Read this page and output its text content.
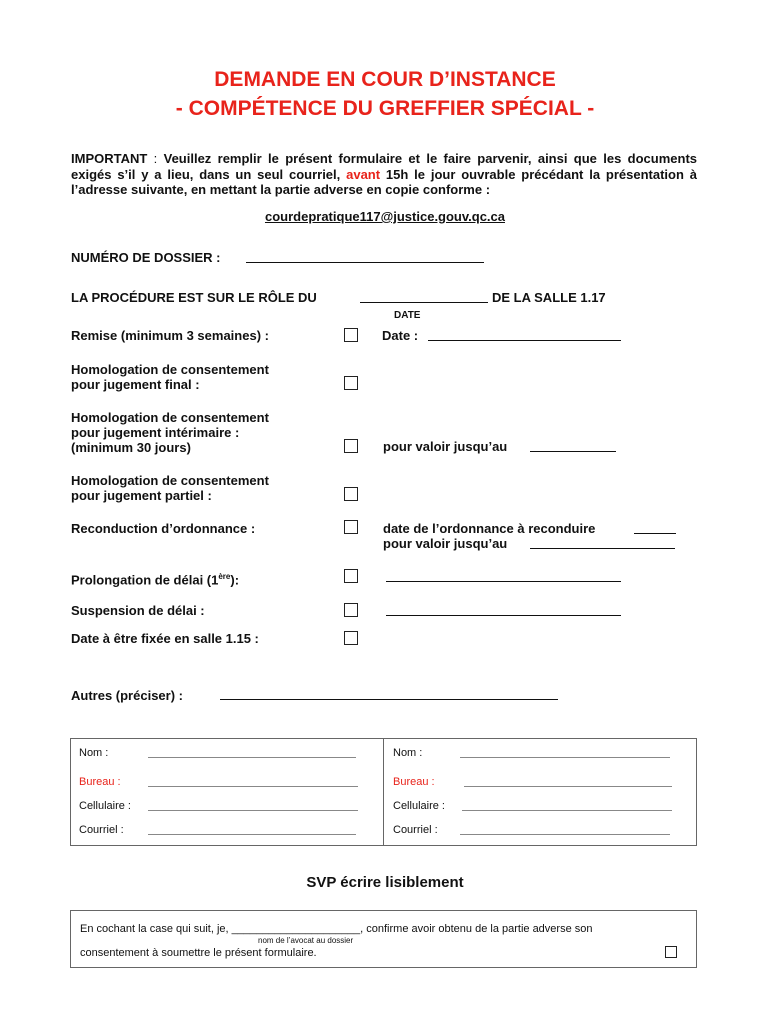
DEMANDE EN COUR D’INSTANCE
- COMPÉTENCE DU GREFFIER SPÉCIAL -
IMPORTANT : Veuillez remplir le présent formulaire et le faire parvenir, ainsi que les documents exigés s’il y a lieu, dans un seul courriel, avant 15h le jour ouvrable précédant la présentation à l’adresse suivante, en mettant la partie adverse en copie conforme :
courdepratique117@justice.gouv.qc.ca
NUMÉRO DE DOSSIER :
LA PROCÉDURE EST SUR LE RÔLE DU	DE LA SALLE 1.17
DATE
Remise (minimum 3 semaines) :	Date :
Homologation de consentement
pour jugement final :
Homologation de consentement
pour jugement intérimaire :
(minimum 30 jours)	pour valoir jusqu’au
Homologation de consentement
pour jugement partiel :
Reconduction d’ordonnance :	date de l’ordonnance à reconduire
pour valoir jusqu’au
Prolongation de délai (1ère):
Suspension de délai :
Date à être fixée en salle 1.15 :
Autres (préciser) :
Nom :
Bureau :
Cellulaire :
Courriel :
Nom :
Bureau :
Cellulaire :
Courriel :
SVP écrire lisiblement
En cochant la case qui suit, je, _____________________, confirme avoir obtenu de la partie adverse son
nom de l’avocat au dossier
consentement à soumettre le présent formulaire.
